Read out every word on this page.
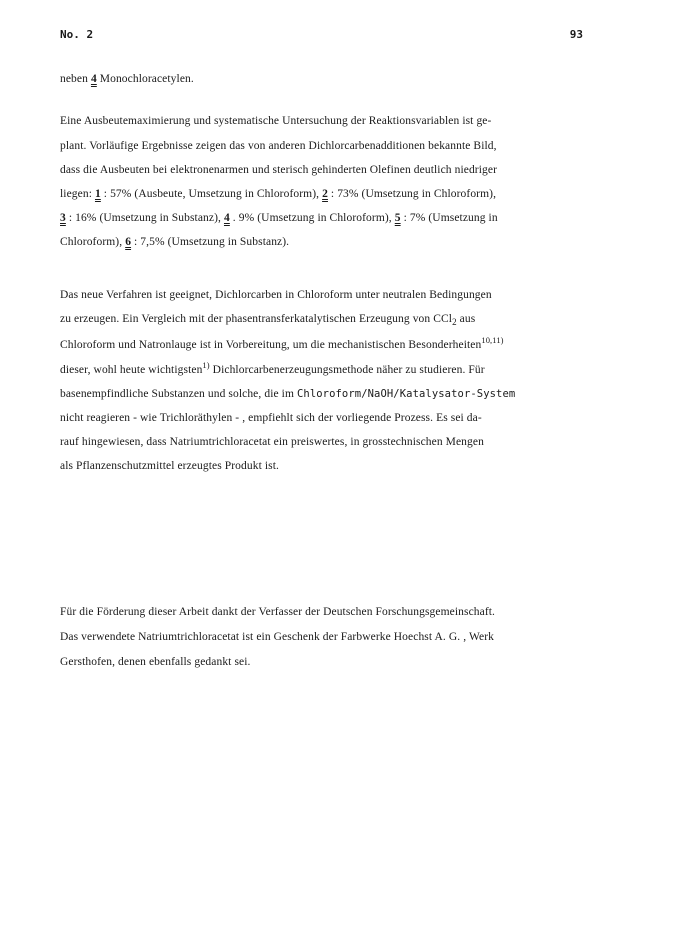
No. 2	93
neben 4 Monochloracetylen.
Eine Ausbeutemaximierung und systematische Untersuchung der Reaktionsvariablen ist ge-
plant. Vorläufige Ergebnisse zeigen das von anderen Dichlorcarbenadditionen bekannte Bild,
dass die Ausbeuten bei elektronenarmen und sterisch gehinderten Olefinen deutlich niedriger
liegen: 1 : 57% (Ausbeute, Umsetzung in Chloroform), 2 : 73% (Umsetzung in Chloroform),
3 : 16% (Umsetzung in Substanz), 4 . 9% (Umsetzung in Chloroform), 5 : 7% (Umsetzung in
Chloroform), 6 : 7,5% (Umsetzung in Substanz).
Das neue Verfahren ist geeignet, Dichlorcarben in Chloroform unter neutralen Bedingungen
zu erzeugen. Ein Vergleich mit der phasentransferkatalytischen Erzeugung von CCl$_2$ aus
Chloroform und Natronlauge ist in Vorbereitung, um die mechanistischen Besonderheiten$^{10,11)}$
dieser, wohl heute wichtigsten$^{1)}$ Dichlorcarbenerzeugungsmethode näher zu studieren. Für
basenempfindliche Substanzen und solche, die im Chloroform/NaOH/Katalysator-System
nicht reagieren - wie Trichloräthylen - , empfiehlt sich der vorliegende Prozess. Es sei da-
rauf hingewiesen, dass Natriumtrichloracetat ein preiswertes, in grosstechnischen Mengen
als Pflanzenschutzmittel erzeugtes Produkt ist.
Für die Förderung dieser Arbeit dankt der Verfasser der Deutschen Forschungsgemeinschaft.
Das verwendete Natriumtrichloracetat ist ein Geschenk der Farbwerke Hoechst A. G. , Werk
Gersthofen, denen ebenfalls gedankt sei.
